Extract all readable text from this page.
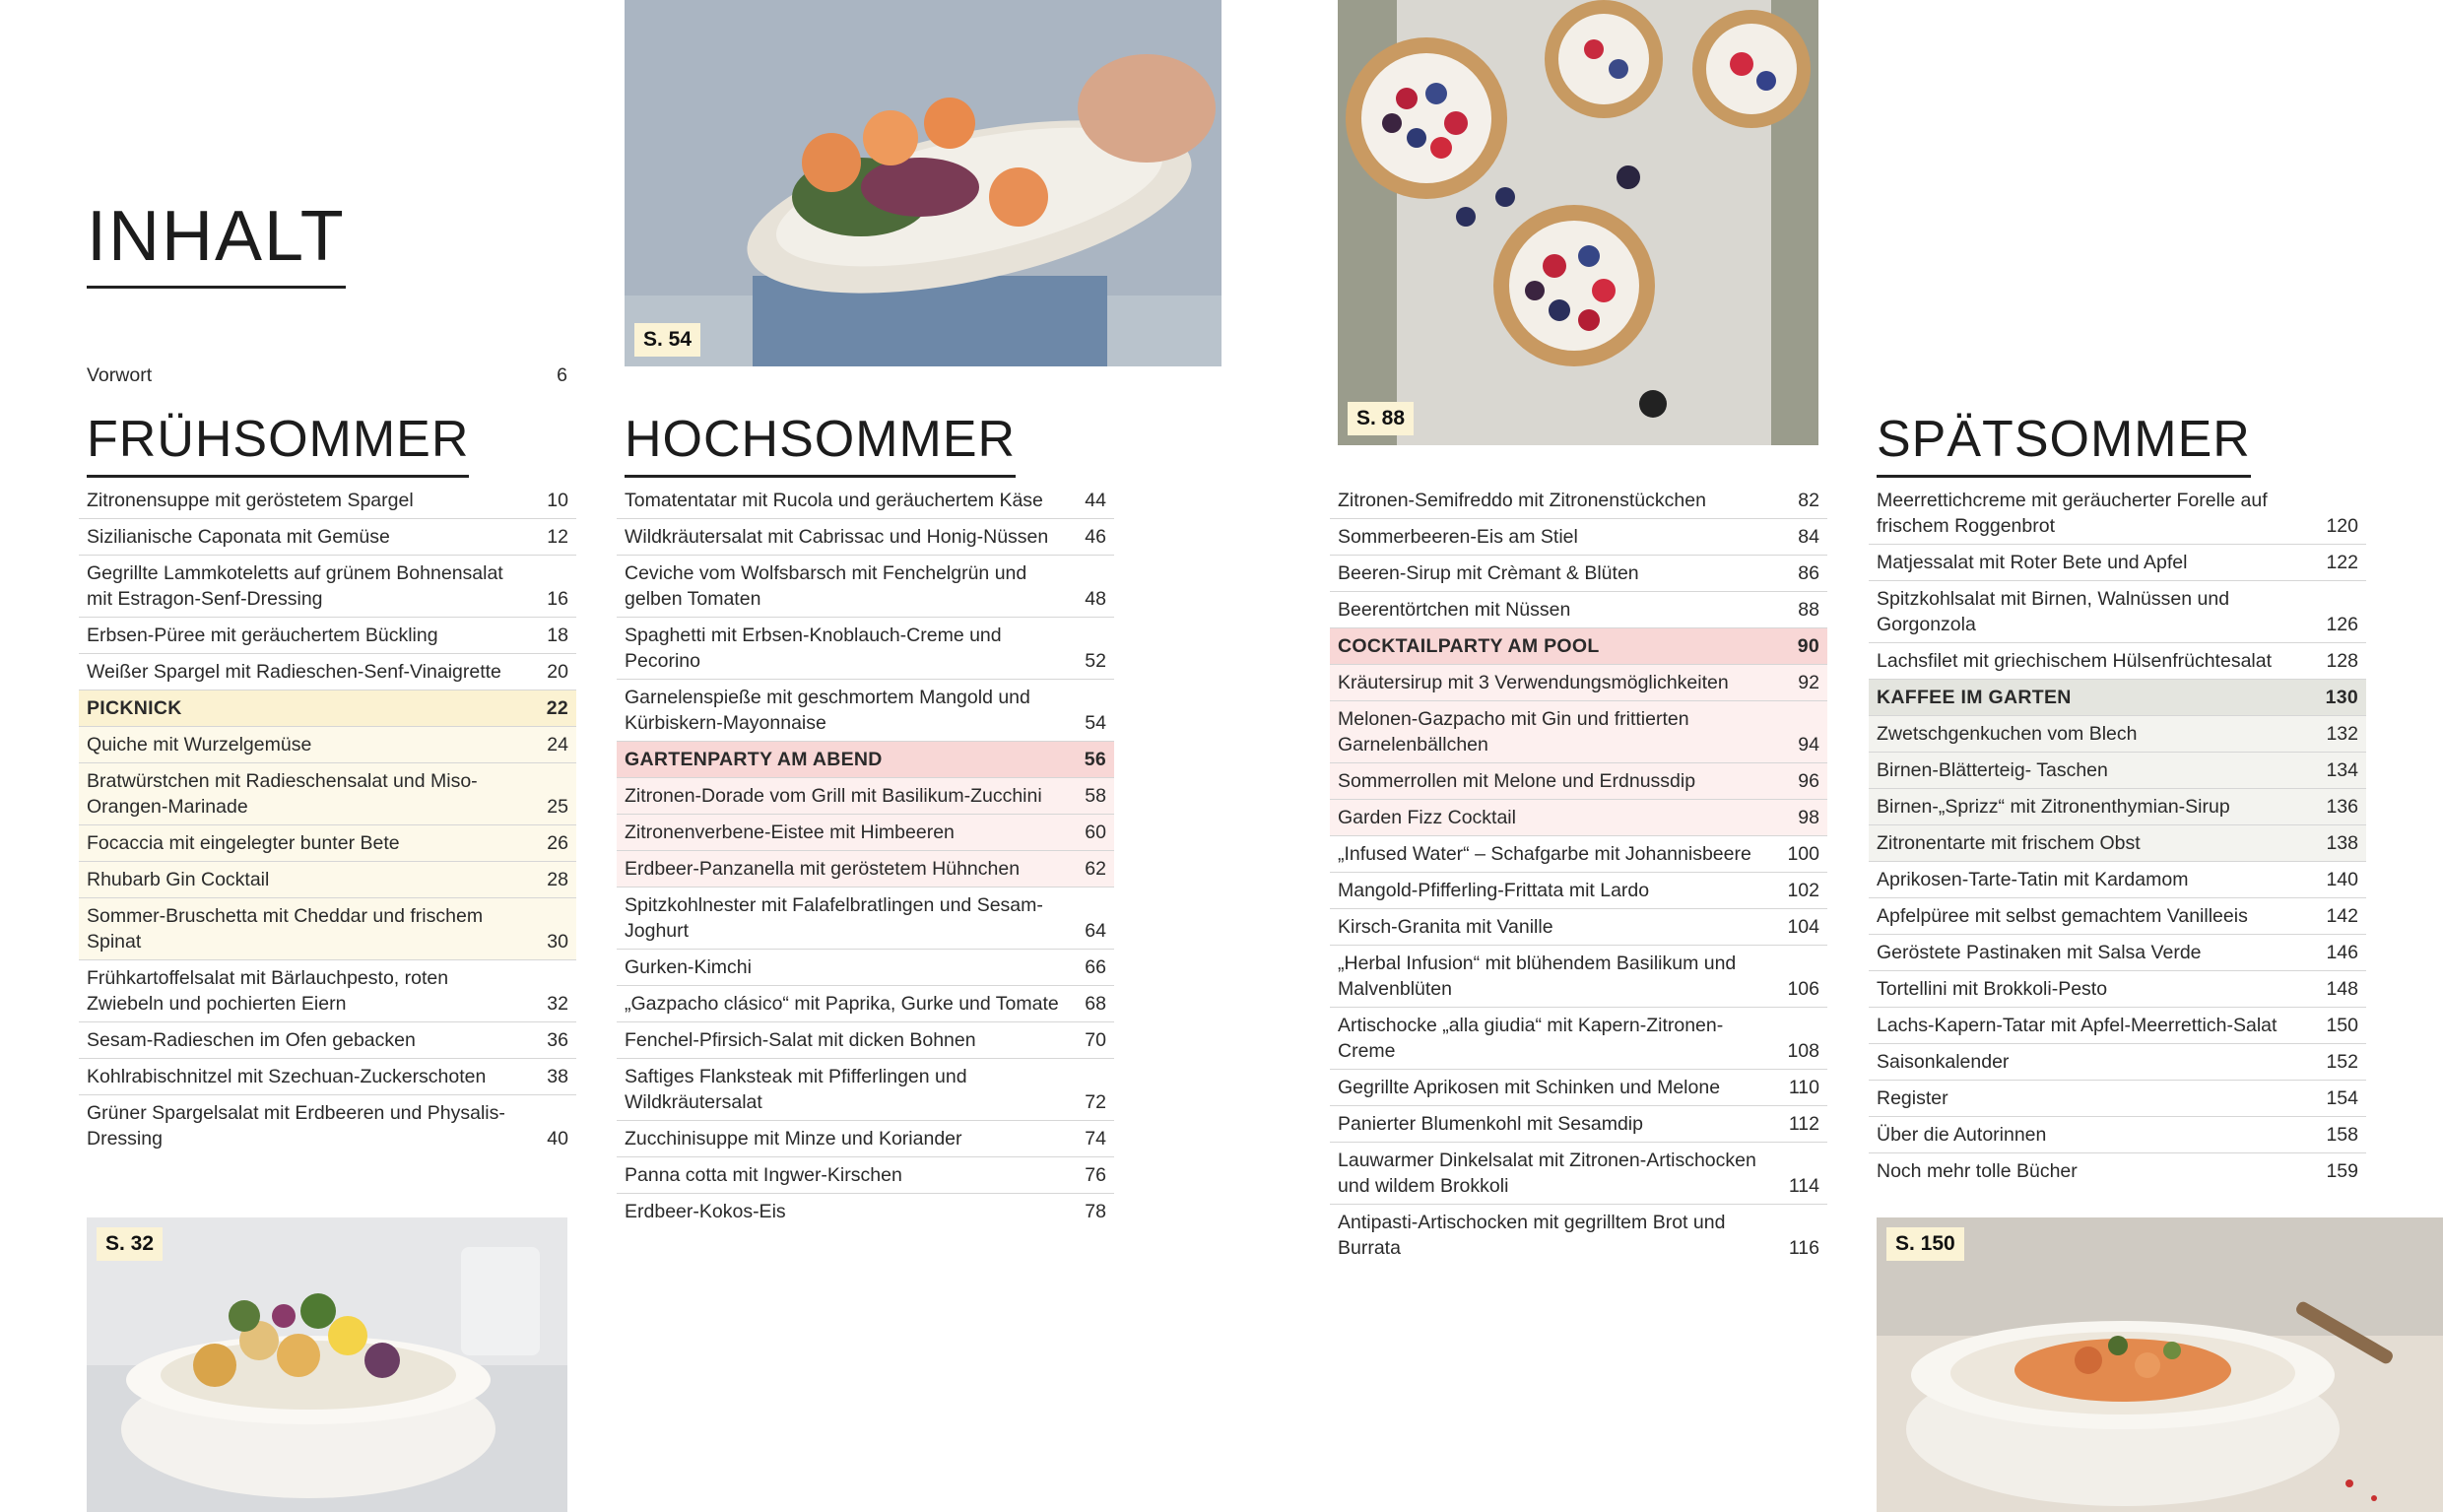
INHALT
Vorwort	6
FRÜHSOMMER	HOCHSOMMER	SPÄTSOMMER
Zitronensuppe mit geröstetem Spargel	10
Sizilianische Caponata mit Gemüse	12
Gegrillte Lammkoteletts auf grünem Bohnensalat mit Estragon-Senf-Dressing	16
Erbsen-Püree mit geräuchertem Bückling	18
Weißer Spargel mit Radieschen-Senf-Vinaigrette	20
PICKNICK	22
Quiche mit Wurzelgemüse	24
Bratwürstchen mit Radieschensalat und Miso-Orangen-Marinade	25
Focaccia mit eingelegter bunter Bete	26
Rhubarb Gin Cocktail	28
Sommer-Bruschetta mit Cheddar und frischem Spinat	30
Frühkartoffelsalat mit Bärlauchpesto, roten Zwiebeln und pochierten Eiern	32
Sesam-Radieschen im Ofen gebacken	36
Kohlrabischnitzel mit Szechuan-Zuckerschoten	38
Grüner Spargelsalat mit Erdbeeren und Physalis-Dressing	40
Tomatentatar mit Rucola und geräuchertem Käse	44
Wildkräutersalat mit Cabrissac und Honig-Nüssen	46
Ceviche vom Wolfsbarsch mit Fenchelgrün und gelben Tomaten	48
Spaghetti mit Erbsen-Knoblauch-Creme und Pecorino	52
Garnelenspieße mit geschmortem Mangold und Kürbiskern-Mayonnaise	54
GARTENPARTY AM ABEND	56
Zitronen-Dorade vom Grill mit Basilikum-Zucchini	58
Zitronenverbene-Eistee mit Himbeeren	60
Erdbeer-Panzanella mit geröstetem Hühnchen	62
Spitzkohlnester mit Falafelbratlingen und Sesam-Joghurt	64
Gurken-Kimchi	66
„Gazpacho clásico“ mit Paprika, Gurke und Tomate	68
Fenchel-Pfirsich-Salat mit dicken Bohnen	70
Saftiges Flanksteak mit Pfifferlingen und Wildkräutersalat	72
Zucchinisuppe mit Minze und Koriander	74
Panna cotta mit Ingwer-Kirschen	76
Erdbeer-Kokos-Eis	78
Zitronen-Semifreddo mit Zitronenstückchen	82
Sommerbeeren-Eis am Stiel	84
Beeren-Sirup mit Crèmant & Blüten	86
Beerentörtchen mit Nüssen	88
COCKTAILPARTY AM POOL	90
Kräutersirup mit 3 Verwendungsmöglichkeiten	92
Melonen-Gazpacho mit Gin und frittierten Garnelenbällchen	94
Sommerrollen mit Melone und Erdnussdip	96
Garden Fizz Cocktail	98
„Infused Water“ – Schafgarbe mit Johannisbeere	100
Mangold-Pfifferling-Frittata mit Lardo	102
Kirsch-Granita mit Vanille	104
„Herbal Infusion“ mit blühendem Basilikum und Malvenblüten	106
Artischocke „alla giudia“ mit Kapern-Zitronen-Creme	108
Gegrillte Aprikosen mit Schinken und Melone	110
Panierter Blumenkohl mit Sesamdip	112
Lauwarmer Dinkelsalat mit Zitronen-Artischocken und wildem Brokkoli	114
Antipasti-Artischocken mit gegrilltem Brot und Burrata	116
Meerrettichcreme mit geräucherter Forelle auf frischem Roggenbrot	120
Matjessalat mit Roter Bete und Apfel	122
Spitzkohlsalat mit Birnen, Walnüssen und Gorgonzola	126
Lachsfilet mit griechischem Hülsenfrüchtesalat	128
KAFFEE IM GARTEN	130
Zwetschgenkuchen vom Blech	132
Birnen-Blätterteig- Taschen	134
Birnen-„Sprizz“ mit Zitronenthymian-Sirup	136
Zitronentarte mit frischem Obst	138
Aprikosen-Tarte-Tatin mit Kardamom	140
Apfelpüree mit selbst gemachtem Vanilleeis	142
Geröstete Pastinaken mit Salsa Verde	146
Tortellini mit Brokkoli-Pesto	148
Lachs-Kapern-Tatar mit Apfel-Meerrettich-Salat	150
Saisonkalender	152
Register	154
Über die Autorinnen	158
Noch mehr tolle Bücher	159
S. 54
S. 88
S. 32	S. 150
